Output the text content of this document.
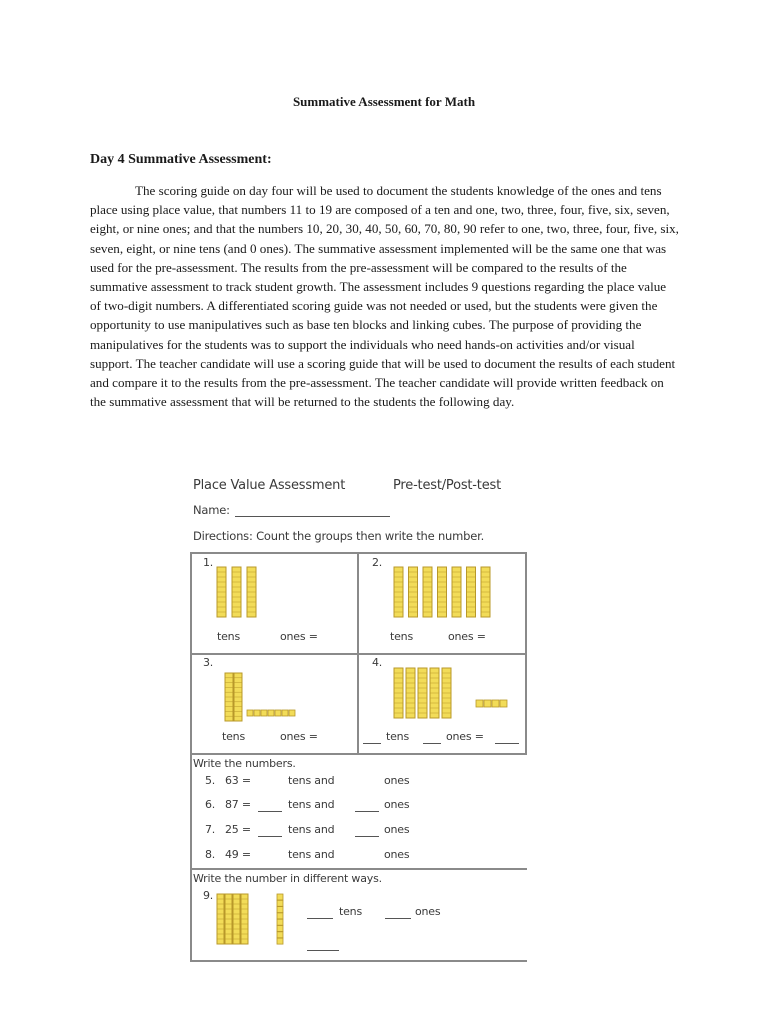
Summative Assessment for Math
Day 4 Summative Assessment:

The scoring guide on day four will be used to document the students knowledge of the ones and tens place using place value, that numbers 11 to 19 are composed of a ten and one, two, three, four, five, six, seven, eight, or nine ones; and that the numbers 10, 20, 30, 40, 50, 60, 70, 80, 90 refer to one, two, three, four, five, six, seven, eight, or nine tens (and 0 ones). The summative assessment implemented will be the same one that was used for the pre-assessment. The results from the pre-assessment will be compared to the results of the summative assessment to track student growth. The assessment includes 9 questions regarding the place value of two-digit numbers. A differentiated scoring guide was not needed or used, but the students were given the opportunity to use manipulatives such as base ten blocks and linking cubes. The purpose of providing the manipulatives for the students was to support the individuals who need hands-on activities and/or visual support. The teacher candidate will use a scoring guide that will be used to document the results of each student and compare it to the results from the pre-assessment. The teacher candidate will provide written feedback on the summative assessment that will be returned to the students the following day.

Place Value Assessment	Pre-test/Post-test
Name:
Directions: Count the groups then write the number.
1.
tens	ones =
2.
tens	ones =
3.
tens	ones =
4.
tens	ones =
Write the numbers.
5. 63 =	tens and	ones
6. 87 =	tens and	ones
7. 25 =	tens and	ones
8. 49 =	tens and	ones
Write the number in different ways.
9.
tens	ones
